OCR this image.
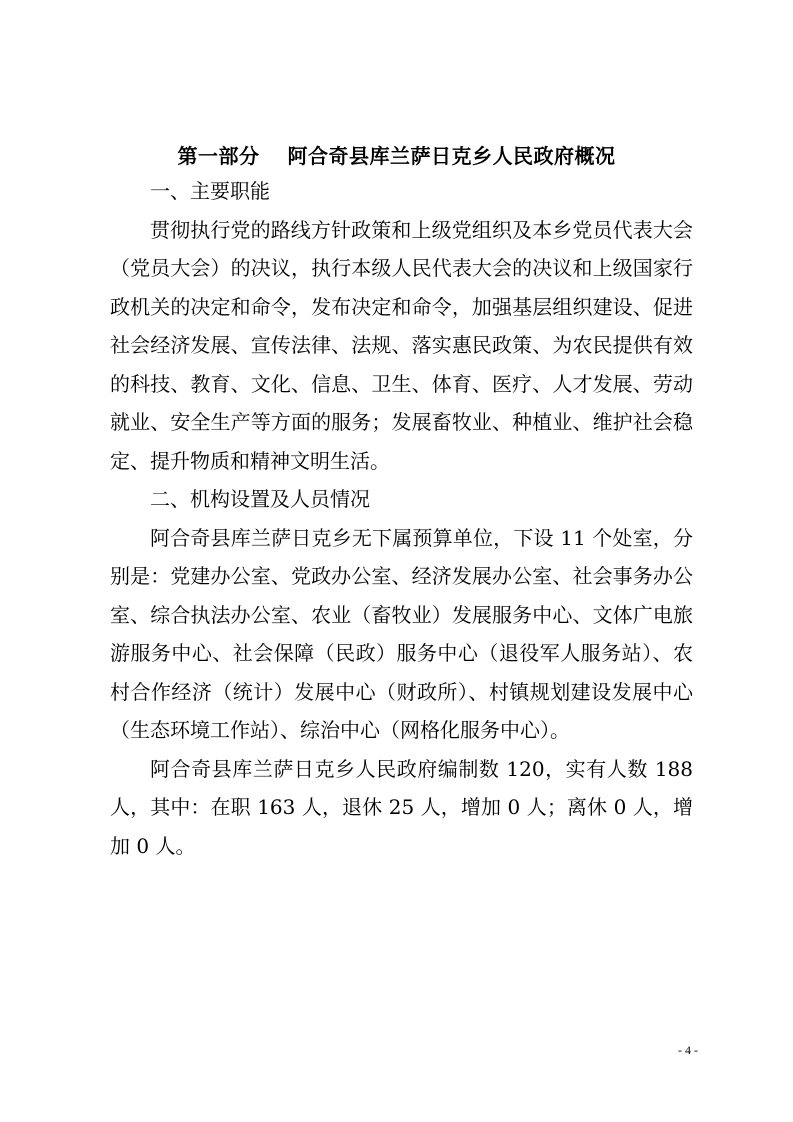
第一部分　 阿合奇县库兰萨日克乡人民政府概况

一、主要职能

贯彻执行党的路线方针政策和上级党组织及本乡党员代表大会（党员大会）的决议，执行本级人民代表大会的决议和上级国家行政机关的决定和命令，发布决定和命令，加强基层组织建设、促进社会经济发展、宣传法律、法规、落实惠民政策、为农民提供有效的科技、教育、文化、信息、卫生、体育、医疗、人才发展、劳动就业、安全生产等方面的服务；发展畜牧业、种植业、维护社会稳定、提升物质和精神文明生活。

二、机构设置及人员情况

阿合奇县库兰萨日克乡无下属预算单位，下设 11 个处室，分别是：党建办公室、党政办公室、经济发展办公室、社会事务办公室、综合执法办公室、农业（畜牧业）发展服务中心、文体广电旅游服务中心、社会保障（民政）服务中心（退役军人服务站）、农村合作经济（统计）发展中心（财政所）、村镇规划建设发展中心（生态环境工作站）、综治中心（网格化服务中心）。

阿合奇县库兰萨日克乡人民政府编制数 120，实有人数 188 人，其中：在职 163 人，退休 25 人，增加 0 人；离休 0 人，增加 0 人。

- 4 -
